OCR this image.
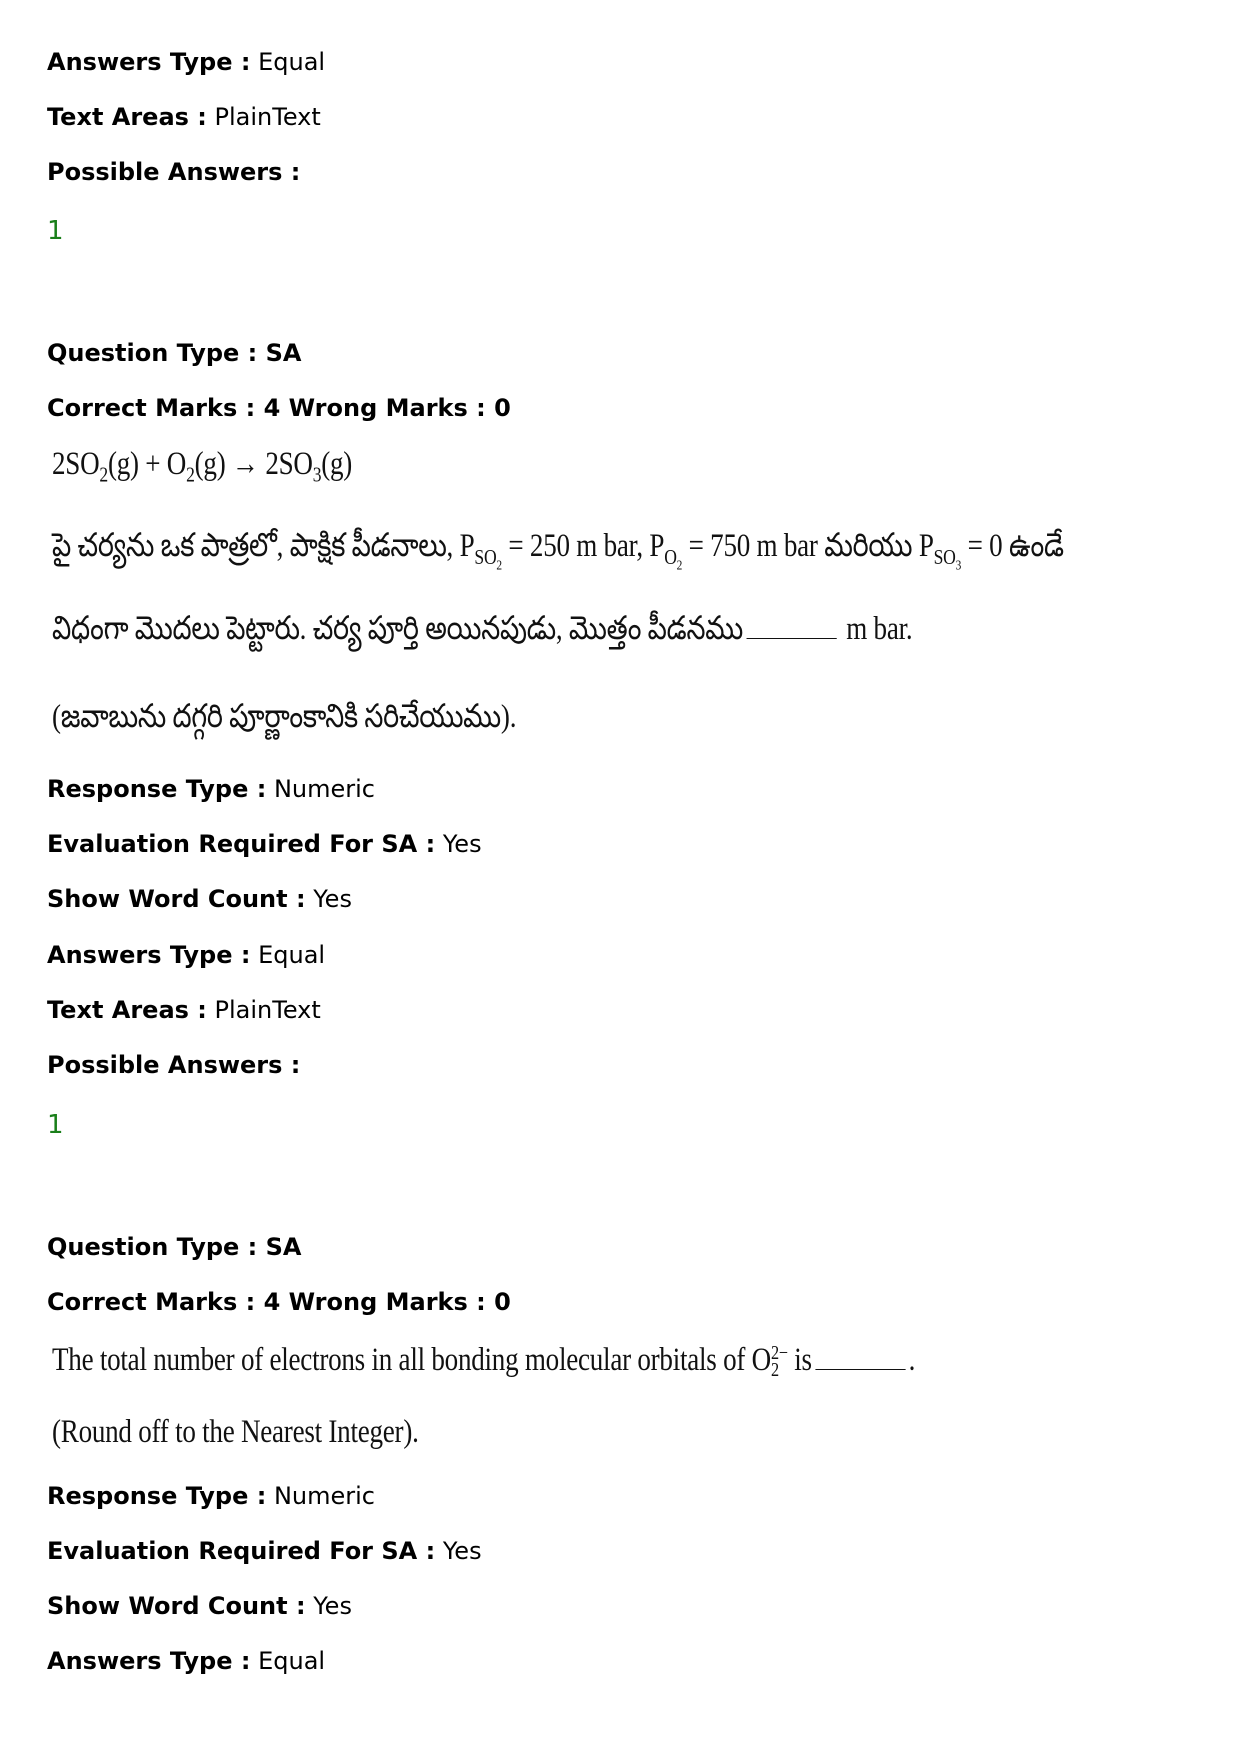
Answers Type : Equal
Text Areas : PlainText
Possible Answers :
1
Question Type : SA
Correct Marks : 4 Wrong Marks : 0
$2SO_2(g) + O_2(g) \to 2SO_3(g)$
పై చర్యను ఒక పాత్రలో, పాక్షిక పీడనాలు, $P_{SO_2} = 250$ m bar, $P_{O_2} = 750$ m bar మరియు $P_{SO_3} = 0$ ఉండే
విధంగా మొదలు పెట్టారు. చర్య పూర్తి అయినపుడు, మొత్తం పీడనము	m bar.
(జవాబును దగ్గరి పూర్ణాంకానికి సరిచేయుము).
Response Type : Numeric
Evaluation Required For SA : Yes
Show Word Count : Yes
Answers Type : Equal
Text Areas : PlainText
Possible Answers :
1
Question Type : SA
Correct Marks : 4 Wrong Marks : 0
The total number of electrons in all bonding molecular orbitals of O 2−
2 is	.
(Round off to the Nearest Integer).
Response Type : Numeric
Evaluation Required For SA : Yes
Show Word Count : Yes
Answers Type : Equal
